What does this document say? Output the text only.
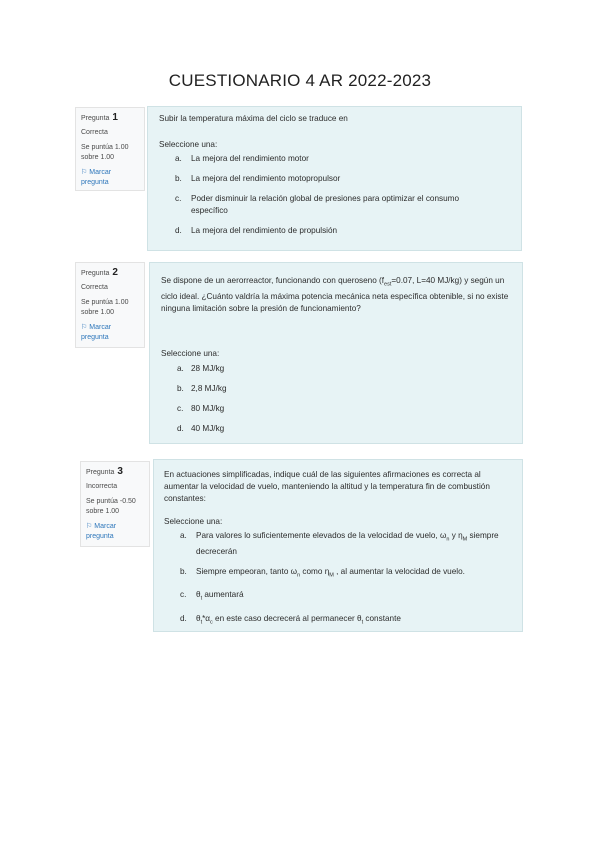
CUESTIONARIO 4 AR 2022-2023
Pregunta 1
Correcta
Se puntúa 1.00 sobre 1.00
⚐ Marcar pregunta
Subir la temperatura máxima del ciclo se traduce en
Seleccione una:
a. La mejora del rendimiento motor
b. La mejora del rendimiento motopropulsor
c. Poder disminuir la relación global de presiones para optimizar el consumo específico
d. La mejora del rendimiento de propulsión
Pregunta 2
Correcta
Se puntúa 1.00 sobre 1.00
⚐ Marcar pregunta
Se dispone de un aerorreactor, funcionando con queroseno ($f_{est}=0.07$, L=40 MJ/kg) y según un ciclo ideal. ¿Cuánto valdría la máxima potencia mecánica neta específica obtenible, si no existe ninguna limitación sobre la presión de funcionamiento?
Seleccione una:
a. 28 MJ/kg
b. 2,8 MJ/kg
c. 80 MJ/kg
d. 40 MJ/kg
Pregunta 3
Incorrecta
Se puntúa -0.50 sobre 1.00
⚐ Marcar pregunta
En actuaciones simplificadas, indique cuál de las siguientes afirmaciones es correcta al aumentar la velocidad de vuelo, manteniendo la altitud y la temperatura fin de combustión constantes:
Seleccione una:
a. Para valores lo suficientemente elevados de la velocidad de vuelo, $\omega_n$ y $\eta_M$ siempre decrecerán
b. Siempre empeoran, tanto $\omega_n$ como $\eta_M$ , al aumentar la velocidad de vuelo.
c. $\theta_t$ aumentará
d. $\theta_t*\alpha_c$ en este caso decrecerá al permanecer $\theta_t$ constante
